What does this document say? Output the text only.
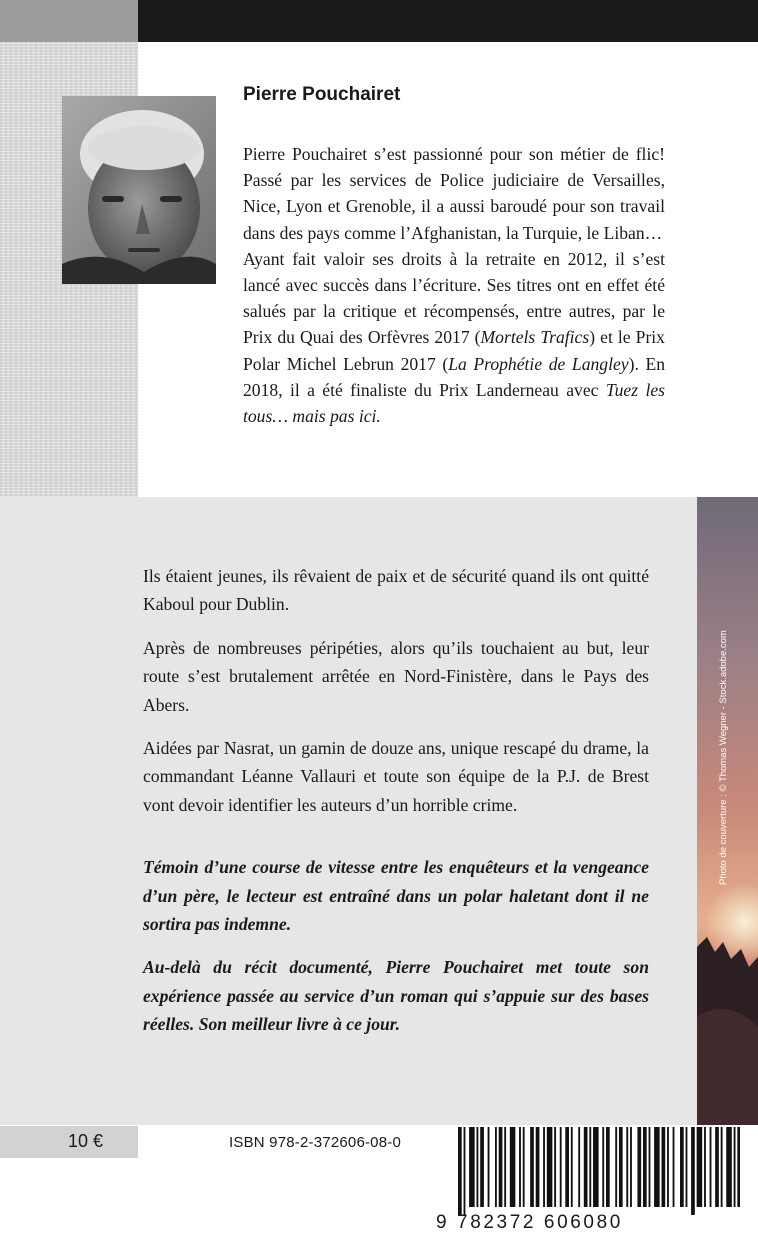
Pierre Pouchairet

Pierre Pouchairet s’est passionné pour son métier de flic! Passé par les services de Police judiciaire de Versailles, Nice, Lyon et Grenoble, il a aussi baroudé pour son travail dans des pays comme l’Afghanistan, la Turquie, le Liban…

Ayant fait valoir ses droits à la retraite en 2012, il s’est lancé avec succès dans l’écriture. Ses titres ont en effet été salués par la critique et récompensés, entre autres, par le Prix du Quai des Orfèvres 2017 (Mortels Trafics) et le Prix Polar Michel Lebrun 2017 (La Prophétie de Langley). En 2018, il a été finaliste du Prix Landerneau avec Tuez les tous… mais pas ici.

Ils étaient jeunes, ils rêvaient de paix et de sécurité quand ils ont quitté Kaboul pour Dublin.

Après de nombreuses péripéties, alors qu’ils touchaient au but, leur route s’est brutalement arrêtée en Nord-Finistère, dans le Pays des Abers.

Aidées par Nasrat, un gamin de douze ans, unique rescapé du drame, la commandant Léanne Vallauri et toute son équipe de la P.J. de Brest vont devoir identifier les auteurs d’un horrible crime.

Témoin d’une course de vitesse entre les enquêteurs et la vengeance d’un père, le lecteur est entraîné dans un polar haletant dont il ne sortira pas indemne.

Au-delà du récit documenté, Pierre Pouchairet met toute son expérience passée au service d’un roman qui s’appuie sur des bases réelles. Son meilleur livre à ce jour.

Photo de couverture : © Thomas Wegner - Stock.adobe.com
10 €	ISBN 978-2-372606-08-0
9 782372 606080
